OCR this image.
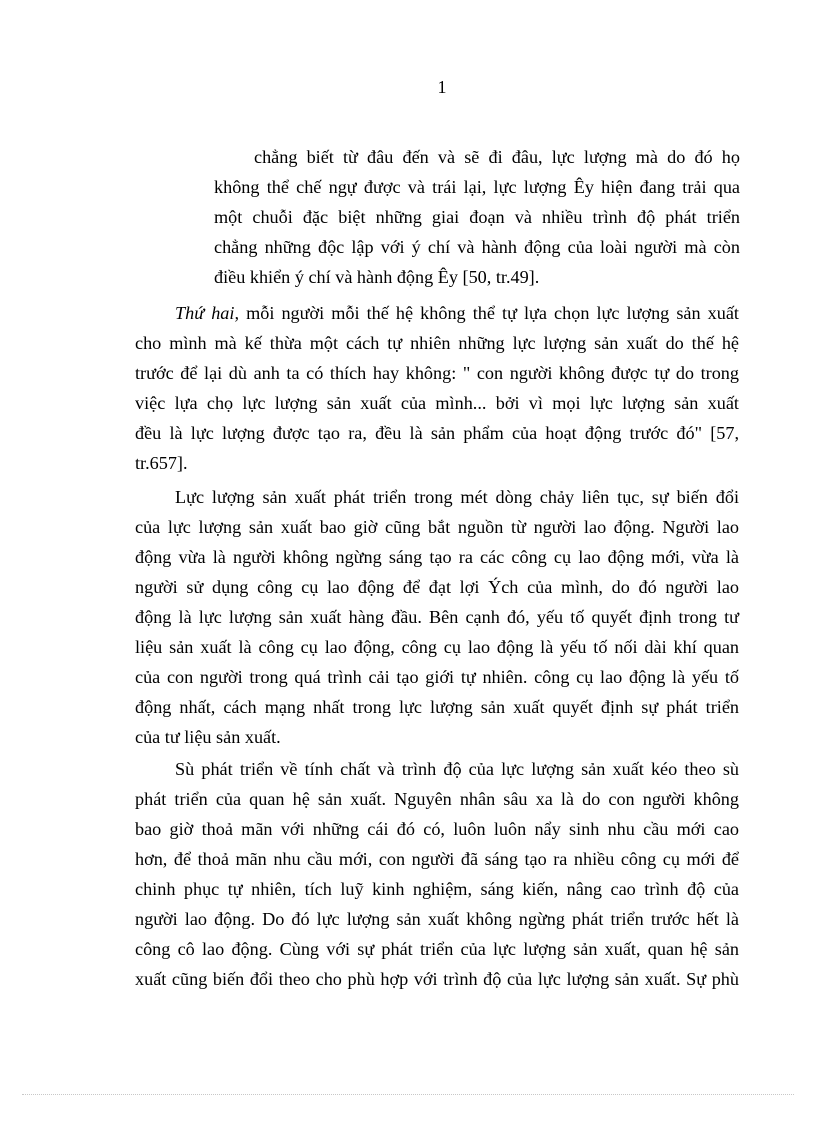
1
chẳng biết từ đâu đến và sẽ đi đâu, lực lượng mà do đó họ
không thể chế ngự được và trái lại, lực lượng Êy hiện đang trải qua
một chuỗi đặc biệt những giai đoạn và nhiều trình độ phát triển
chẳng những độc lập với ý chí và hành động của loài người mà còn
điều khiển ý chí và hành động Êy [50, tr.49].
Thứ hai, mỗi người mỗi thế hệ không thể tự lựa chọn lực lượng sản xuất
cho mình mà kế thừa một cách tự nhiên những lực lượng sản xuất do thế hệ
trước để lại dù anh ta có thích hay không: " con người không được tự do trong
việc lựa chọ lực lượng sản xuất của mình... bởi vì mọi lực lượng sản xuất
đều là lực lượng được tạo ra, đều là sản phẩm của hoạt động trước đó" [57,
tr.657].
Lực lượng sản xuất phát triển trong mét dòng chảy liên tục, sự biến đổi
của lực lượng sản xuất bao giờ cũng bắt nguồn từ người lao động. Người lao
động vừa là người không ngừng sáng tạo ra các công cụ lao động mới, vừa là
người sử dụng công cụ lao động để đạt lợi Ých của mình, do đó người lao
động là lực lượng sản xuất hàng đầu. Bên cạnh đó, yếu tố quyết định trong tư
liệu sản xuất là công cụ lao động, công cụ lao động là yếu tố nối dài khí quan
của con người trong quá trình cải tạo giới tự nhiên. công cụ lao động là yếu tố
động nhất, cách mạng nhất trong lực lượng sản xuất quyết định sự phát triển
của tư liệu sản xuất.
Sù phát triển về tính chất và trình độ của lực lượng sản xuất kéo theo sù
phát triển của quan hệ sản xuất. Nguyên nhân sâu xa là do con người không
bao giờ thoả mãn với những cái đó có, luôn luôn nẩy sinh nhu cầu mới cao
hơn, để thoả mãn nhu cầu mới, con người đã sáng tạo ra nhiều công cụ mới để
chinh phục tự nhiên, tích luỹ kinh nghiệm, sáng kiến, nâng cao trình độ của
người lao động. Do đó lực lượng sản xuất không ngừng phát triển trước hết là
công cô lao động. Cùng với sự phát triển của lực lượng sản xuất, quan hệ sản
xuất cũng biến đổi theo cho phù hợp với trình độ của lực lượng sản xuất. Sự phù
